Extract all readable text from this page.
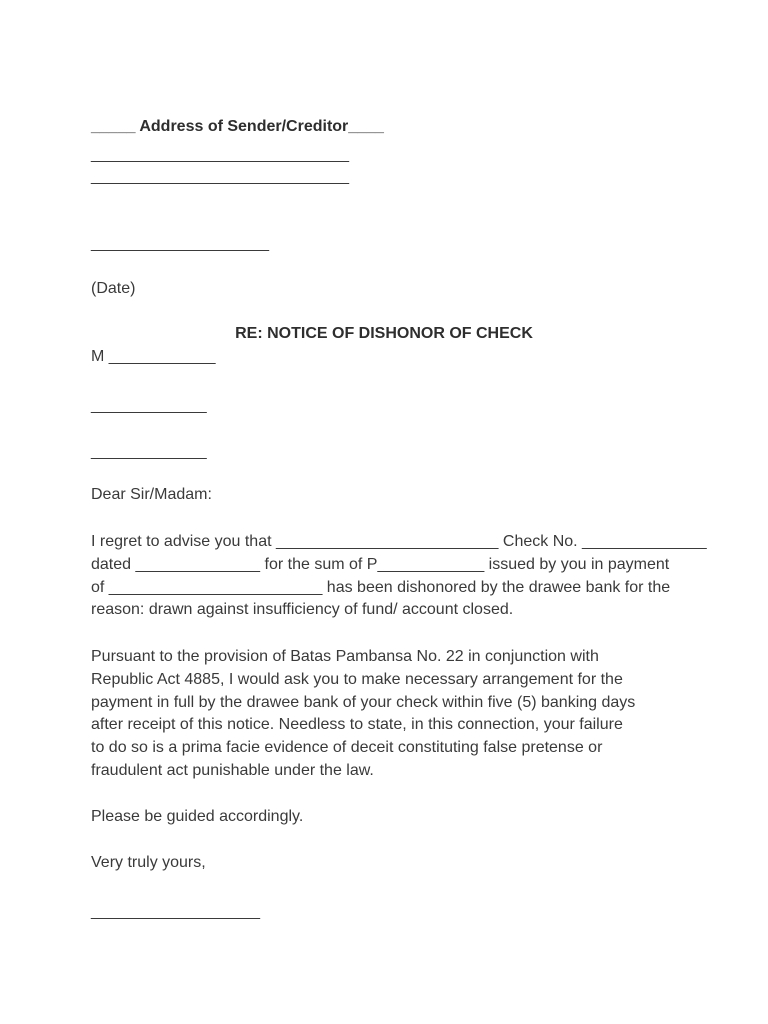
_____ Address of Sender/Creditor____
_____________________________
_____________________________
____________________
(Date)
RE: NOTICE OF DISHONOR OF CHECK
M ____________
_____________
_____________
Dear Sir/Madam:
I regret to advise you that _________________________ Check No. ______________
dated ______________ for the sum of P____________ issued by you in payment
of ________________________ has been dishonored by the drawee bank for the
reason: drawn against insufficiency of fund/ account closed.
Pursuant to the provision of Batas Pambansa No. 22 in conjunction with
Republic Act 4885, I would ask you to make necessary arrangement for the
payment in full by the drawee bank of your check within five (5) banking days
after receipt of this notice. Needless to state, in this connection, your failure
to do so is a prima facie evidence of deceit constituting false pretense or
fraudulent act punishable under the law.
Please be guided accordingly.
Very truly yours,
___________________
